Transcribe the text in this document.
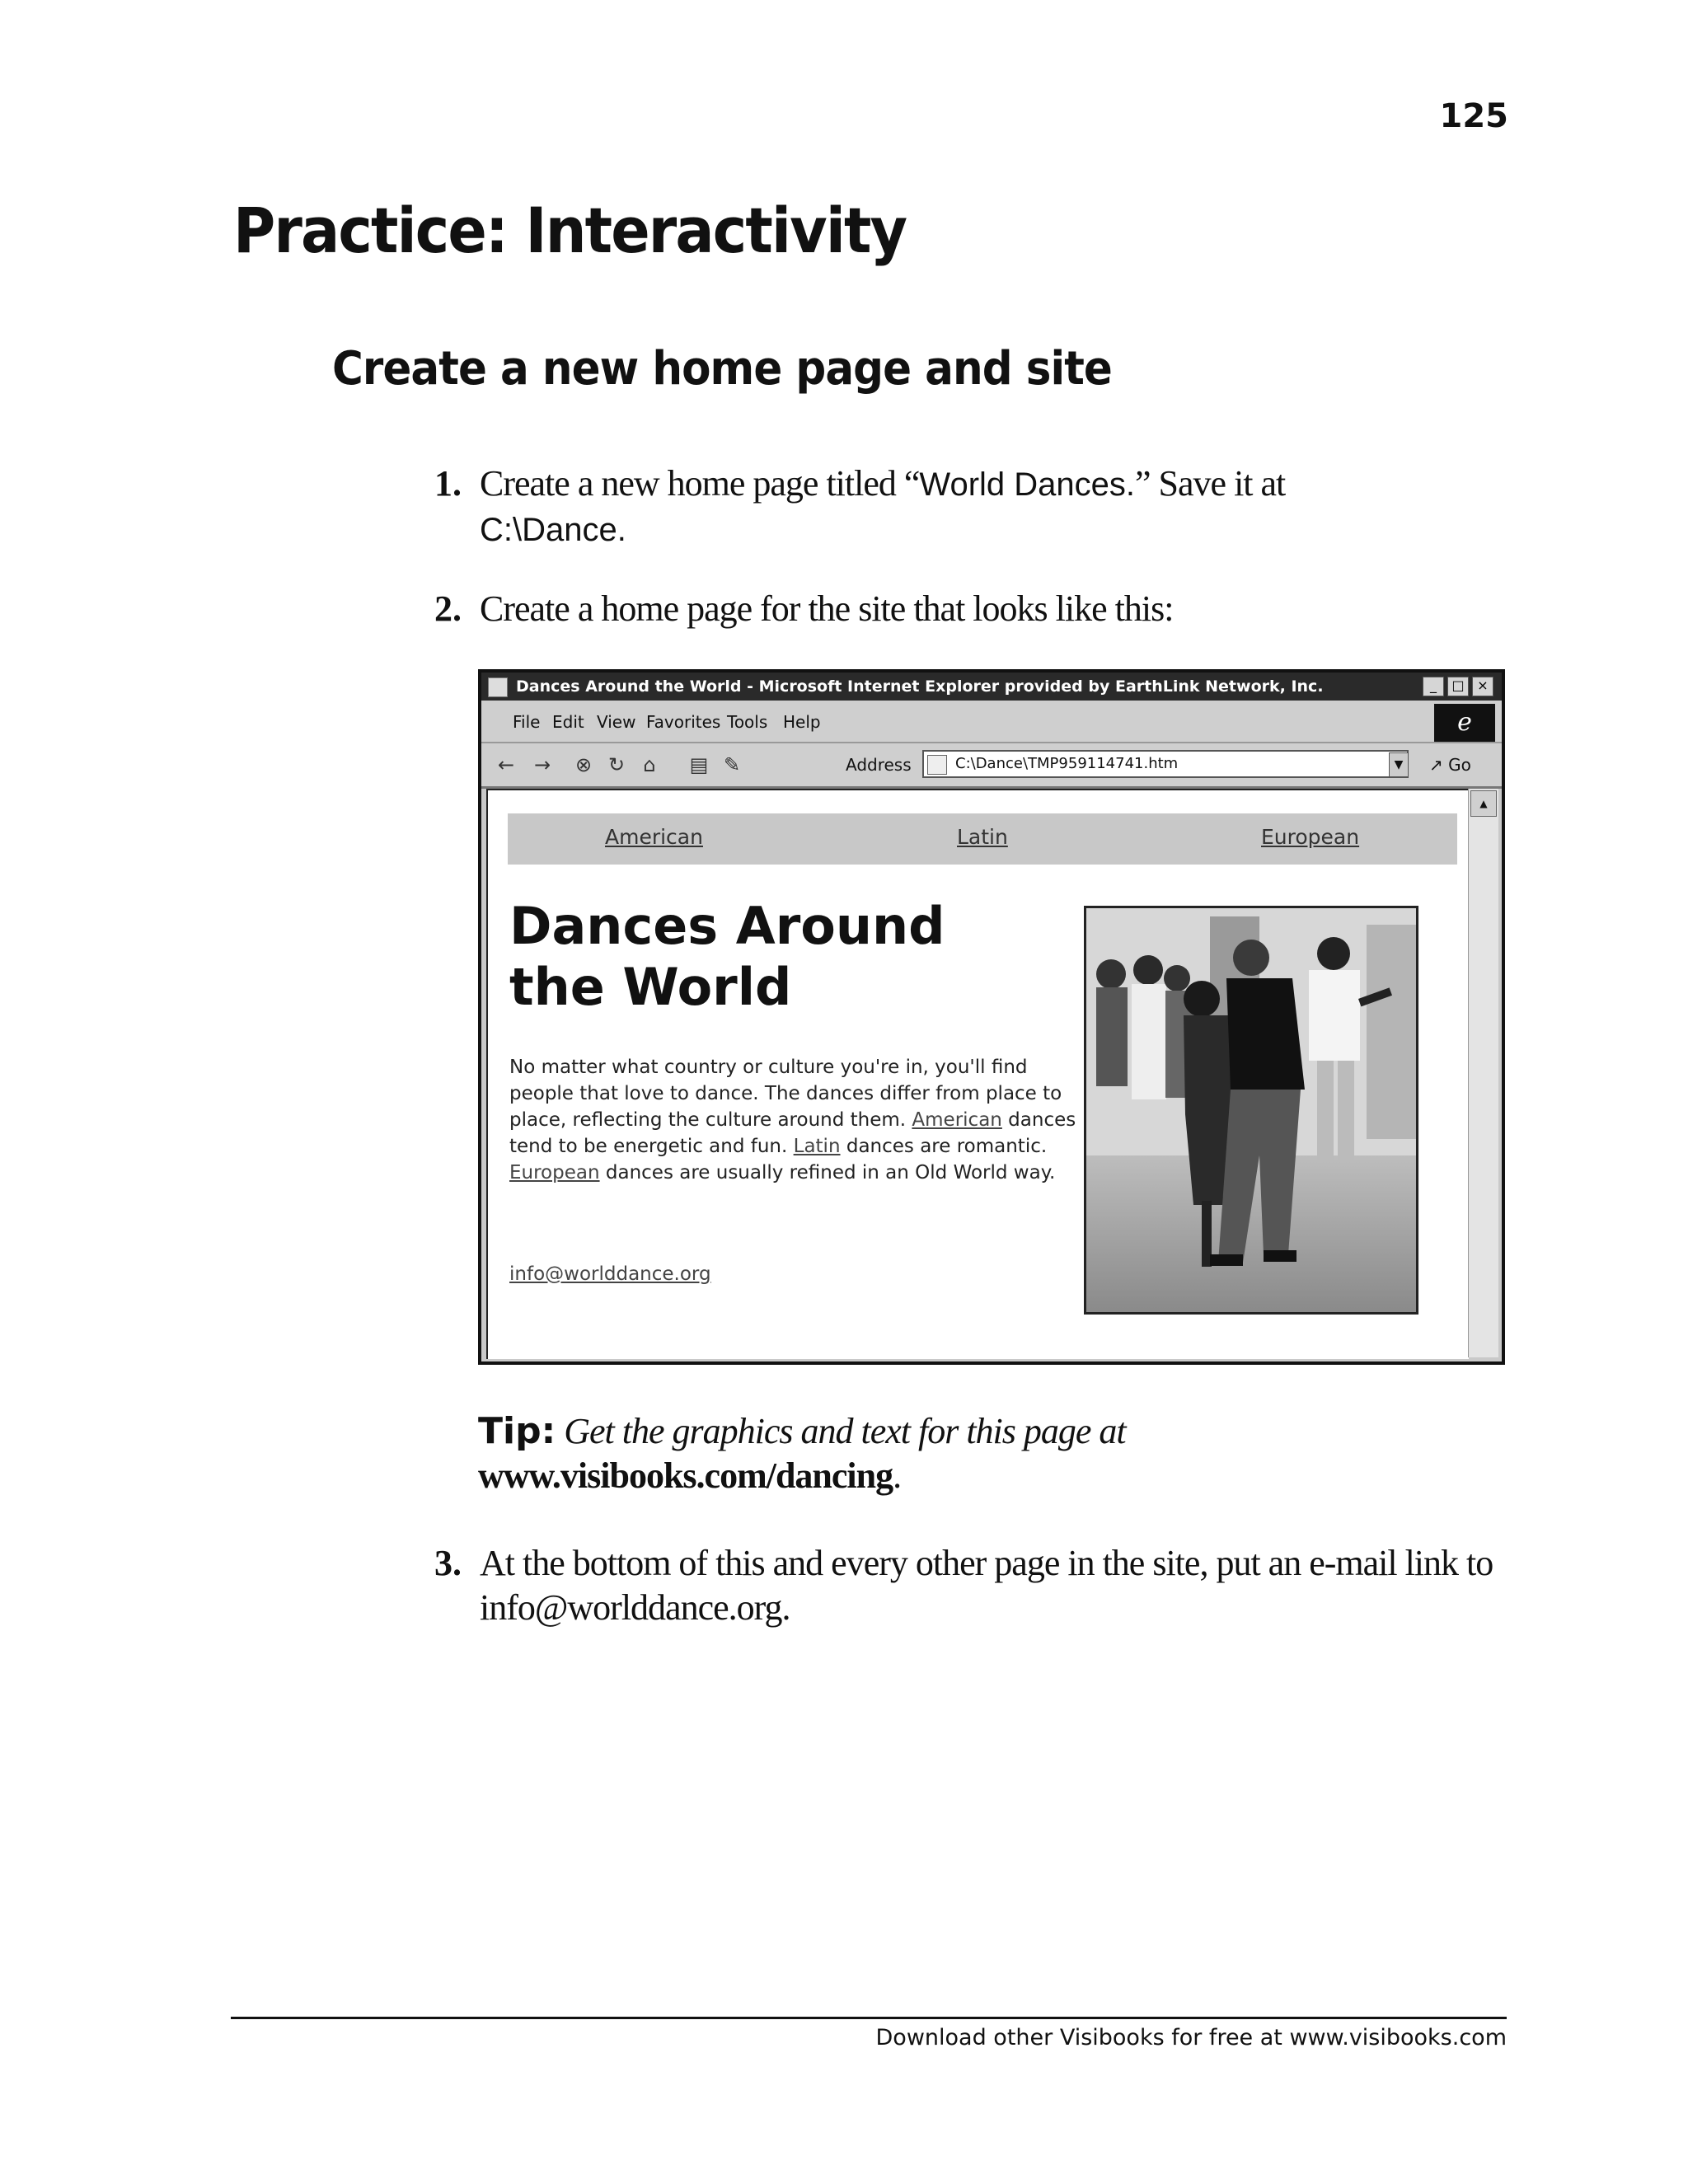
125
Practice: Interactivity
Create a new home page and site
1. Create a new home page titled “World Dances.” Save it at
C:\Dance.
2. Create a home page for the site that looks like this:
Dances Around the World - Microsoft Internet Explorer provided by EarthLink Network, Inc.	_	□ ×
File Edit View Favorites Tools Help	e
← → ⊗ ↻ ⌂ ▤ ✎	Address	C:\Dance\TMP959114741.htm	▼	↗ Go
American	Latin	European
Dances Around the World
No matter what country or culture you're in, you'll find people that love to dance. The dances differ from place to place, reflecting the culture around them. American dances tend to be energetic and fun. Latin dances are romantic. European dances are usually refined in an Old World way.
info@worlddance.org
▲
Tip: Get the graphics and text for this page at
www.visibooks.com/dancing.
3. At the bottom of this and every other page in the site, put an e-mail link to info@worlddance.org.
Download other Visibooks for free at www.visibooks.com
